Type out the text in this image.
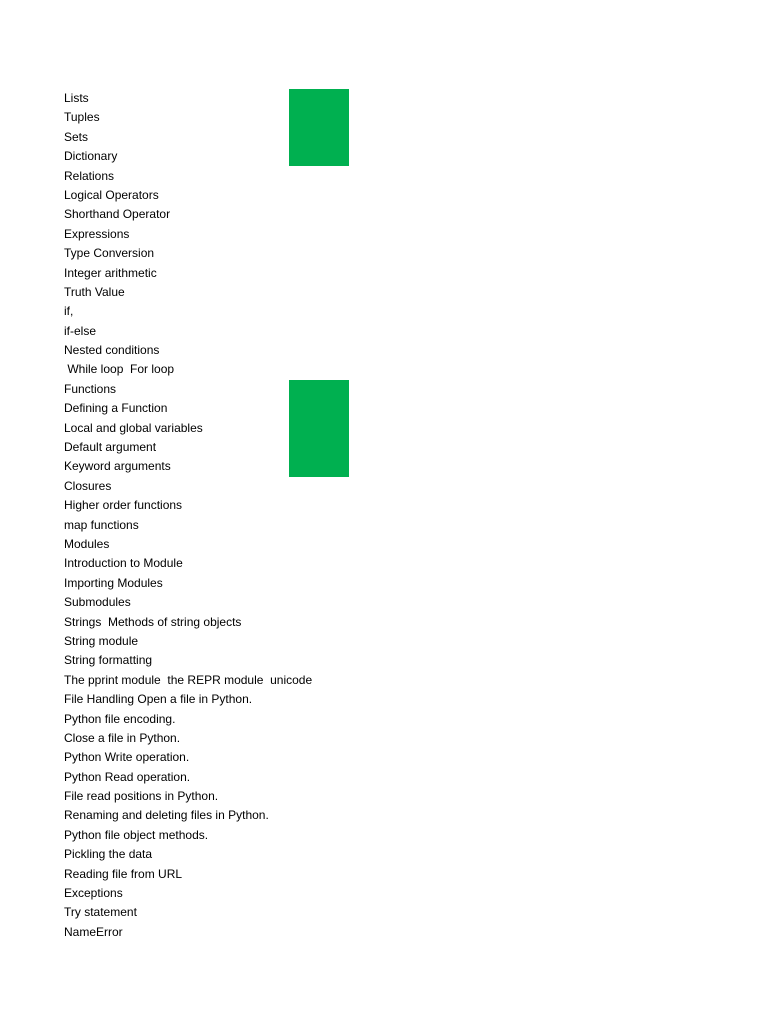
Lists
Tuples
Sets
Dictionary
Relations
Logical Operators
Shorthand Operator
Expressions
Type Conversion
Integer arithmetic
Truth Value
if,
if-else
Nested conditions
While loop  For loop
Functions
Defining a Function
Local and global variables
Default argument
Keyword arguments
Closures
Higher order functions
map functions
Modules
Introduction to Module
Importing Modules
Submodules
Strings  Methods of string objects
String module
String formatting
The pprint module  the REPR module  unicode
File Handling Open a file in Python.
Python file encoding.
Close a file in Python.
Python Write operation.
Python Read operation.
File read positions in Python.
Renaming and deleting files in Python.
Python file object methods.
Pickling the data
Reading file from URL
Exceptions
Try statement
NameError
